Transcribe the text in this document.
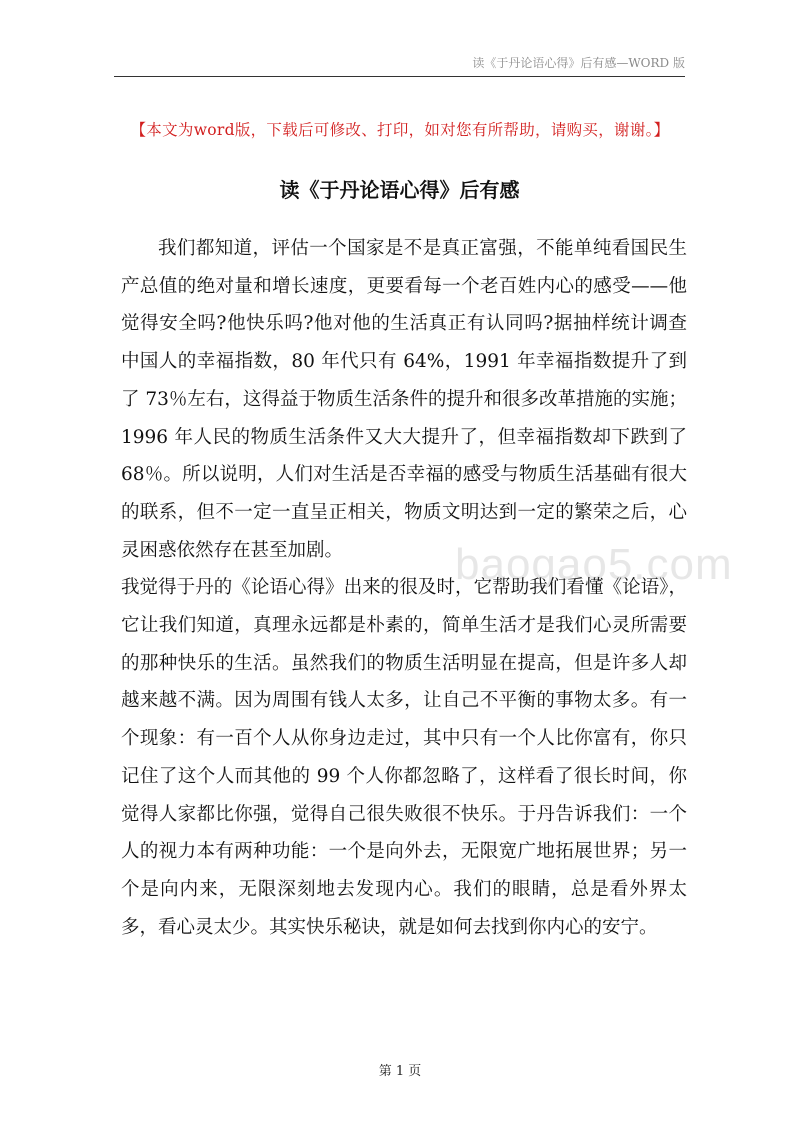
读《于丹论语心得》后有感—WORD 版
【本文为word版，下载后可修改、打印，如对您有所帮助，请购买，谢谢。】
读《于丹论语心得》后有感

我们都知道，评估一个国家是不是真正富强，不能单纯看国民生产总值的绝对量和增长速度，更要看每一个老百姓内心的感受——他觉得安全吗?他快乐吗?他对他的生活真正有认同吗?据抽样统计调查中国人的幸福指数，80 年代只有 64%，1991 年幸福指数提升了到了 73％左右，这得益于物质生活条件的提升和很多改革措施的实施；1996 年人民的物质生活条件又大大提升了，但幸福指数却下跌到了 68％。所以说明，人们对生活是否幸福的感受与物质生活基础有很大的联系，但不一定一直呈正相关，物质文明达到一定的繁荣之后，心灵困惑依然存在甚至加剧。

我觉得于丹的《论语心得》出来的很及时，它帮助我们看懂《论语》，它让我们知道，真理永远都是朴素的，简单生活才是我们心灵所需要的那种快乐的生活。虽然我们的物质生活明显在提高，但是许多人却越来越不满。因为周围有钱人太多，让自己不平衡的事物太多。有一个现象：有一百个人从你身边走过，其中只有一个人比你富有，你只记住了这个人而其他的 99 个人你都忽略了，这样看了很长时间，你觉得人家都比你强，觉得自己很失败很不快乐。于丹告诉我们：一个人的视力本有两种功能：一个是向外去，无限宽广地拓展世界；另一个是向内来，无限深刻地去发现内心。我们的眼睛，总是看外界太多，看心灵太少。其实快乐秘诀，就是如何去找到你内心的安宁。

baogao5.com
第 1 页
